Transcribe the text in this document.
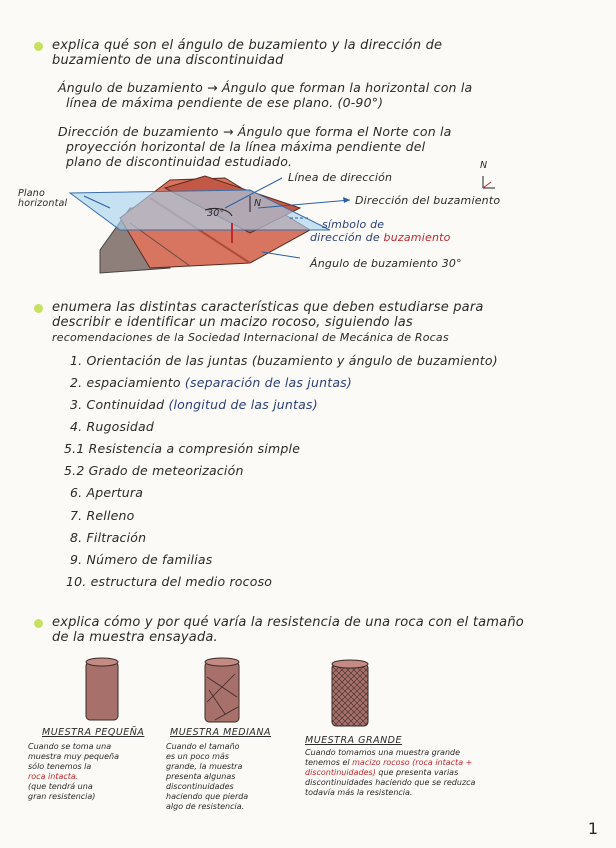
explica qué son el ángulo de buzamiento y la dirección de
buzamiento de una discontinuidad
Ángulo de buzamiento → Ángulo que forman la horizontal con la
línea de máxima pendiente de ese plano. (0-90°)
Dirección de buzamiento → Ángulo que forma el Norte con la
proyección horizontal de la línea máxima pendiente del
plano de discontinuidad estudiado.
Plano
horizontal
Línea de dirección
Dirección del buzamiento
símbolo de
dirección de buzamiento
Ángulo de buzamiento 30°
30°
N
N
enumera las distintas características que deben estudiarse para
describir e identificar un macizo rocoso, siguiendo las
recomendaciones de la Sociedad Internacional de Mecánica de Rocas
1. Orientación de las juntas (buzamiento y ángulo de buzamiento)
2. espaciamiento (separación de las juntas)
3. Continuidad (longitud de las juntas)
4. Rugosidad
5.1 Resistencia a compresión simple
5.2 Grado de meteorización
6. Apertura
7. Relleno
8. Filtración
9. Número de familias
10. estructura del medio rocoso
explica cómo y por qué varía la resistencia de una roca con el tamaño
de la muestra ensayada.
MUESTRA PEQUEÑA	MUESTRA MEDIANA
MUESTRA GRANDE
Cuando se toma una
muestra muy pequeña
sólo tenemos la
roca intacta.
(que tendrá una
gran resistencia)
Cuando el tamaño
es un poco más
grande, la muestra
presenta algunas
discontinuidades
haciendo que pierda
algo de resistencia.
Cuando tomamos una muestra grande
tenemos el macizo rocoso (roca intacta +
discontinuidades) que presenta varias
discontinuidades haciendo que se reduzca
todavía más la resistencia.
1
